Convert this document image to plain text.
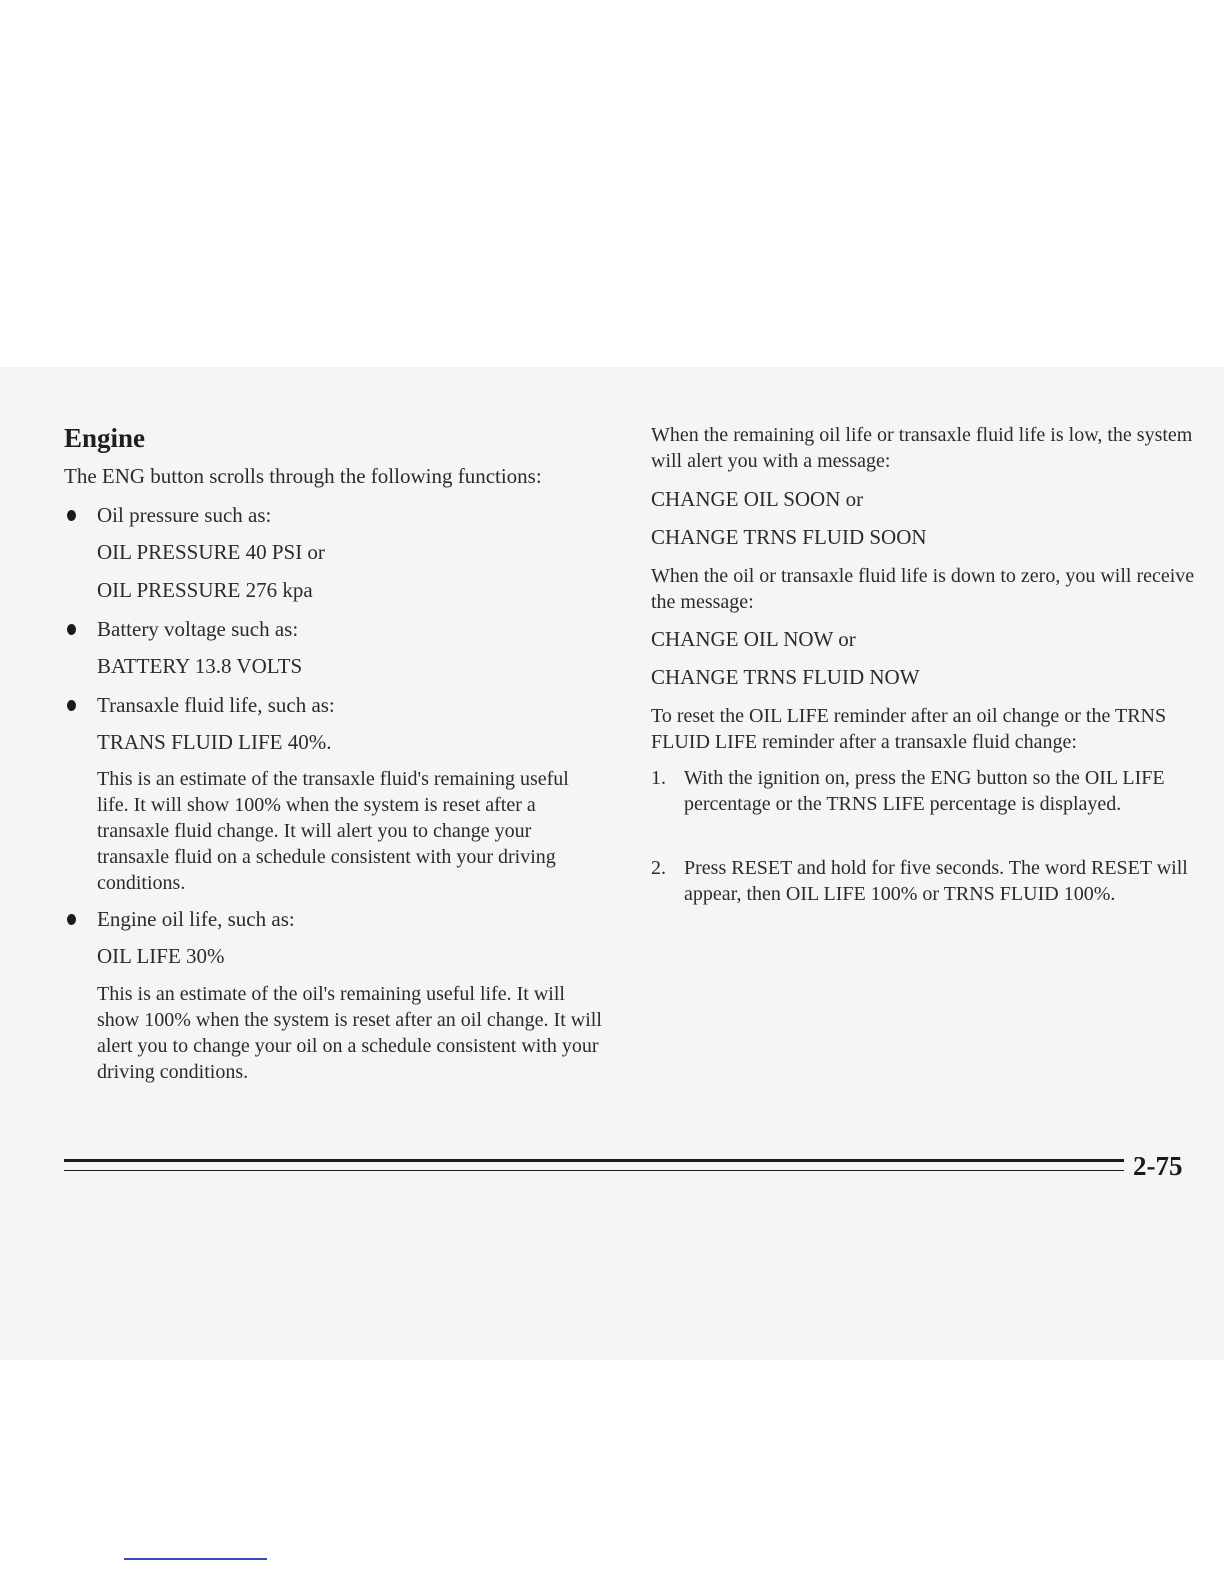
Engine

The ENG button scrolls through the following functions:

Oil pressure such as:

OIL PRESSURE 40 PSI or

OIL PRESSURE 276 kpa

Battery voltage such as:

BATTERY 13.8 VOLTS

Transaxle fluid life, such as:

TRANS FLUID LIFE 40%.

This is an estimate of the transaxle fluid's remaining useful life. It will show 100% when the system is reset after a transaxle fluid change. It will alert you to change your transaxle fluid on a schedule consistent with your driving conditions.

Engine oil life, such as:

OIL LIFE 30%

This is an estimate of the oil's remaining useful life. It will show 100% when the system is reset after an oil change. It will alert you to change your oil on a schedule consistent with your driving conditions.

When the remaining oil life or transaxle fluid life is low, the system will alert you with a message:

CHANGE OIL SOON or

CHANGE TRNS FLUID SOON

When the oil or transaxle fluid life is down to zero, you will receive the message:

CHANGE OIL NOW or

CHANGE TRNS FLUID NOW

To reset the OIL LIFE reminder after an oil change or the TRNS FLUID LIFE reminder after a transaxle fluid change:

1. With the ignition on, press the ENG button so the OIL LIFE percentage or the TRNS LIFE percentage is displayed.

2. Press RESET and hold for five seconds. The word RESET will appear, then OIL LIFE 100% or TRNS FLUID 100%.

2-75
